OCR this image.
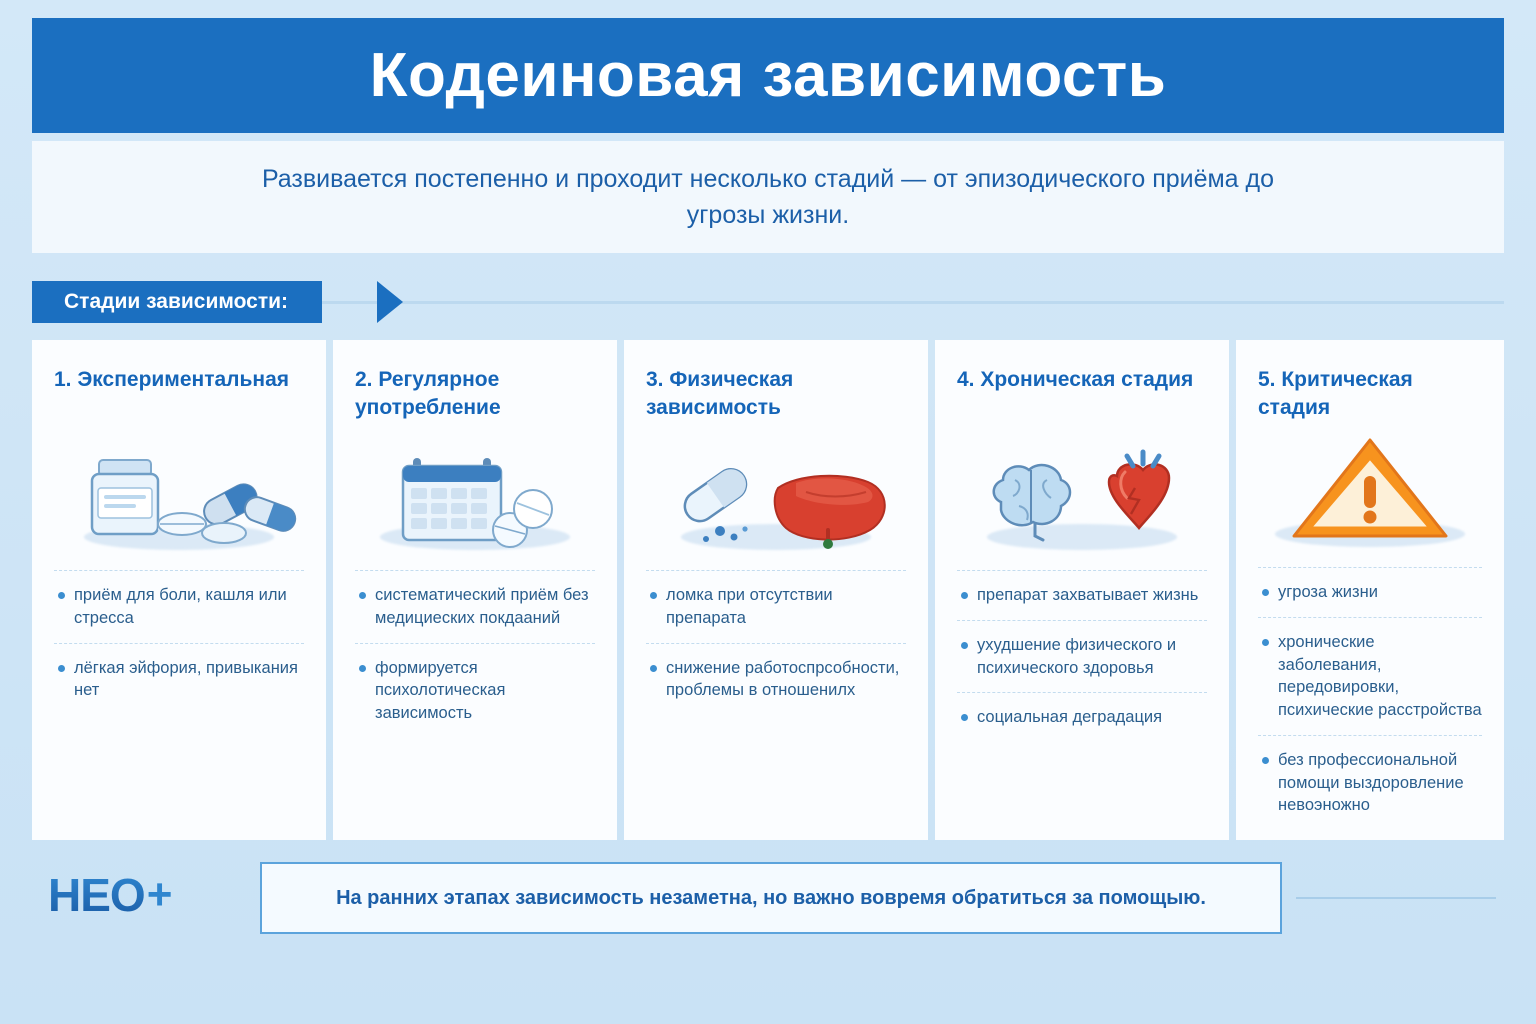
Кодеиновая зависимость

Развивается постепенно и проходит несколько стадий — от эпизодического приёма до угрозы жизни.

Стадии зависимости:
1. Экспериментальная
приём для боли, кашля или стресса
лёгкая эйфория, привыкания нет
2. Регулярное употребление
систематический приём без медициеских покдааний
формируется психолотическая зависимость
3. Физическая зависимость
ломка при отсутствии препарата
снижение работоспрсобности, проблемы в отношенилх
4. Хроническая стадия
препарат захватывает жизнь
ухудшение физического и психического здоровья
социальная деградация
5. Критическая стадия
угроза жизни
хронические заболевания, передовировки, психические расстройства
без профессиональной помощи выздоровление невоэножно
НЕО +	На ранних этапах зависимость незаметна, но важно вовремя обратиться за помощыю.
